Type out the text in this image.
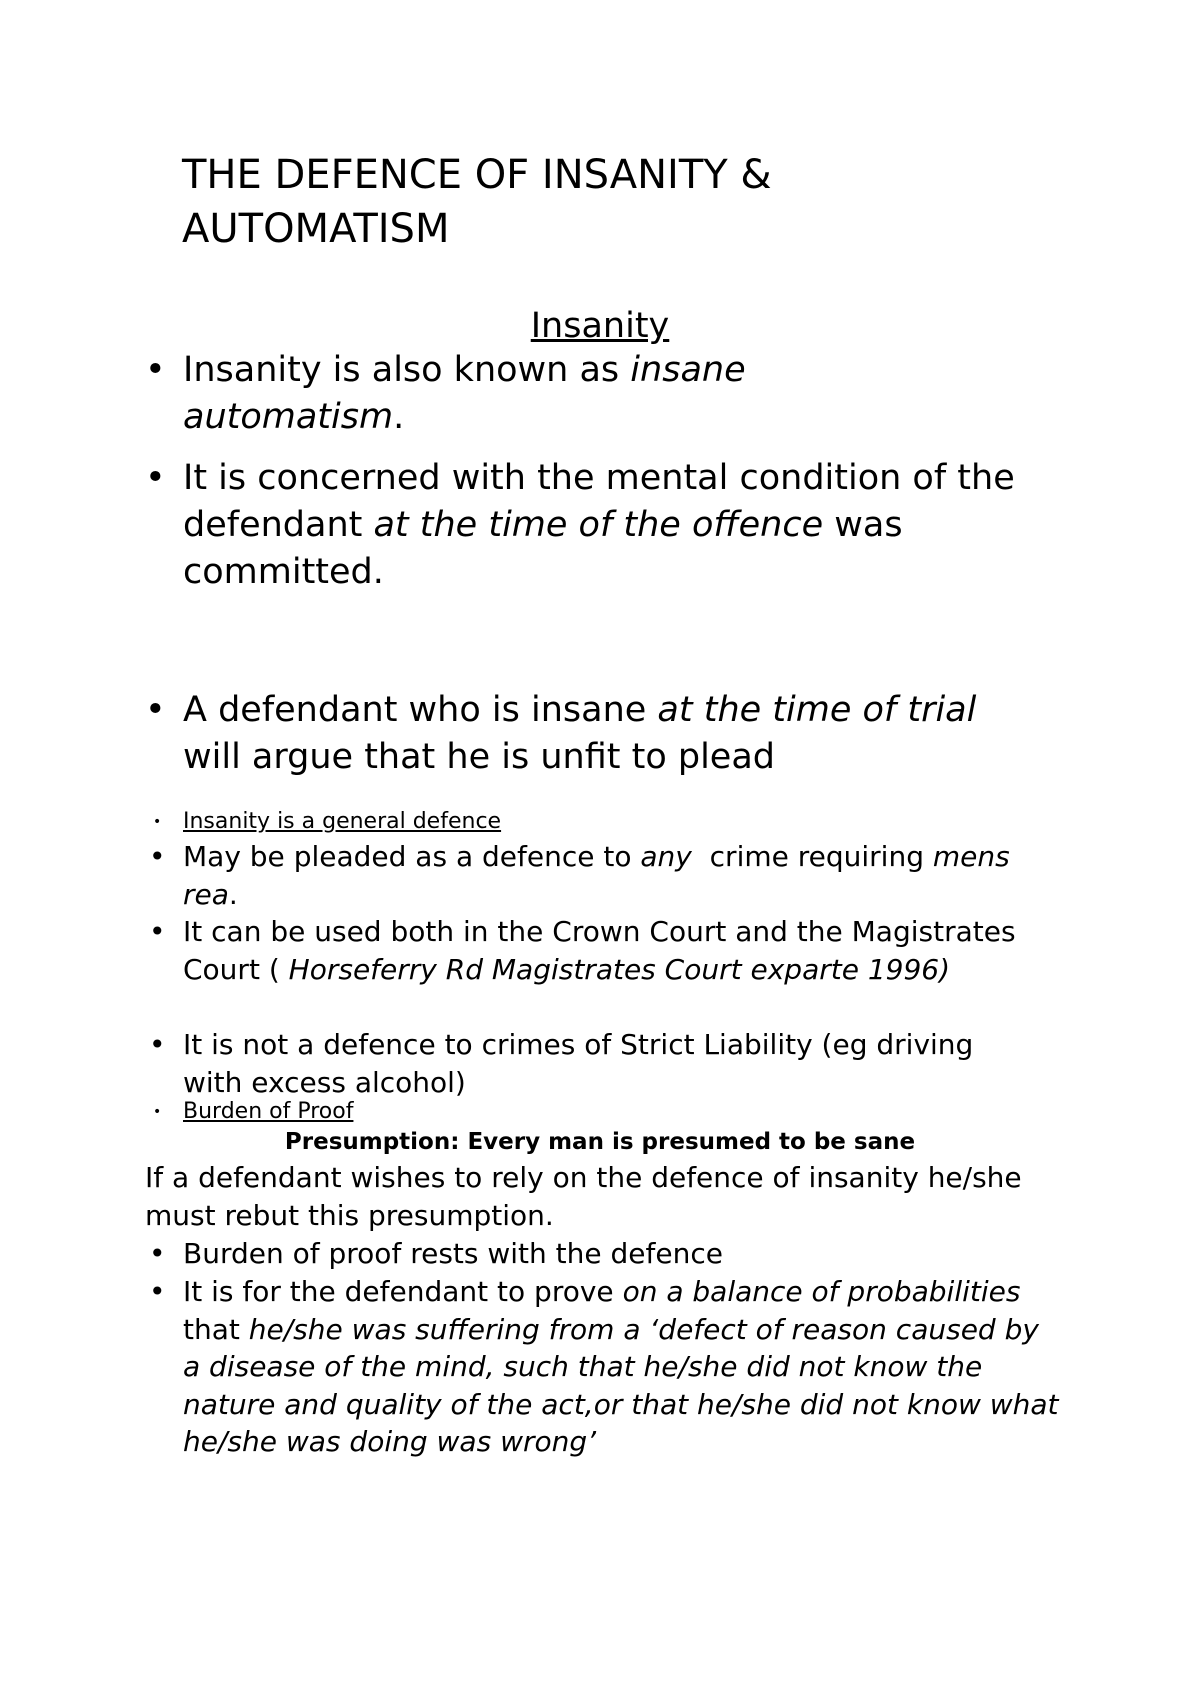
THE DEFENCE OF INSANITY & AUTOMATISM
Insanity
• Insanity is also known as insane automatism.
• It is concerned with the mental condition of the defendant at the time of the offence was committed.
• A defendant who is insane at the time of trial will argue that he is unfit to plead
• Insanity is a general defence
• May be pleaded as a defence to any  crime requiring mens rea.
• It can be used both in the Crown Court and the Magistrates Court ( Horseferry Rd Magistrates Court exparte 1996)
• It is not a defence to crimes of Strict Liability (eg driving with excess alcohol)
• Burden of Proof
Presumption: Every man is presumed to be sane
If a defendant wishes to rely on the defence of insanity he/she must rebut this presumption.
• Burden of proof rests with the defence
• It is for the defendant to prove on a balance of probabilities that he/she was suffering from a ‘defect of reason caused by a disease of the mind, such that he/she did not know the nature and quality of the act,or that he/she did not know what he/she was doing was wrong’
